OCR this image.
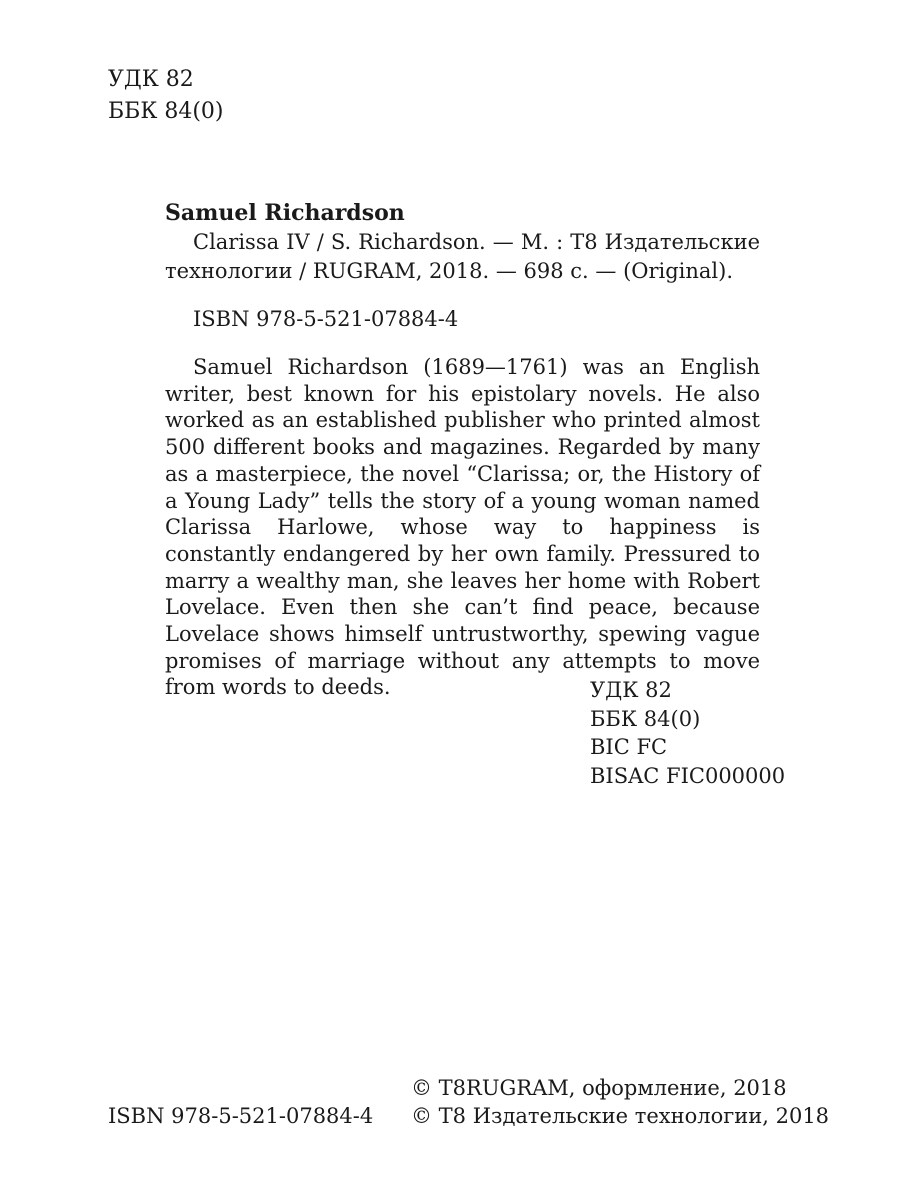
УДК 82
ББК 84(0)
Samuel Richardson

Clarissa IV / S. Richardson. — M. : T8 Издательские технологии / RUGRAM, 2018. — 698 c. — (Original).

ISBN 978-5-521-07884-4

Samuel Richardson (1689—1761) was an English writer, best known for his epistolary novels. He also worked as an established publisher who printed almost 500 different books and magazines. Regarded by many as a masterpiece, the novel “Clarissa; or, the History of a Young Lady” tells the story of a young woman named Clarissa Harlowe, whose way to happiness is constantly endangered by her own family. Pressured to marry a wealthy man, she leaves her home with Robert Lovelace. Even then she can’t find peace, because Lovelace shows himself untrustworthy, spewing vague promises of marriage without any attempts to move from words to deeds.	УДК 82
ББК 84(0)
BIC FC
BISAC FIC000000
ISBN 978-5-521-07884-4
© T8RUGRAM, оформление, 2018
© T8 Издательские технологии, 2018
